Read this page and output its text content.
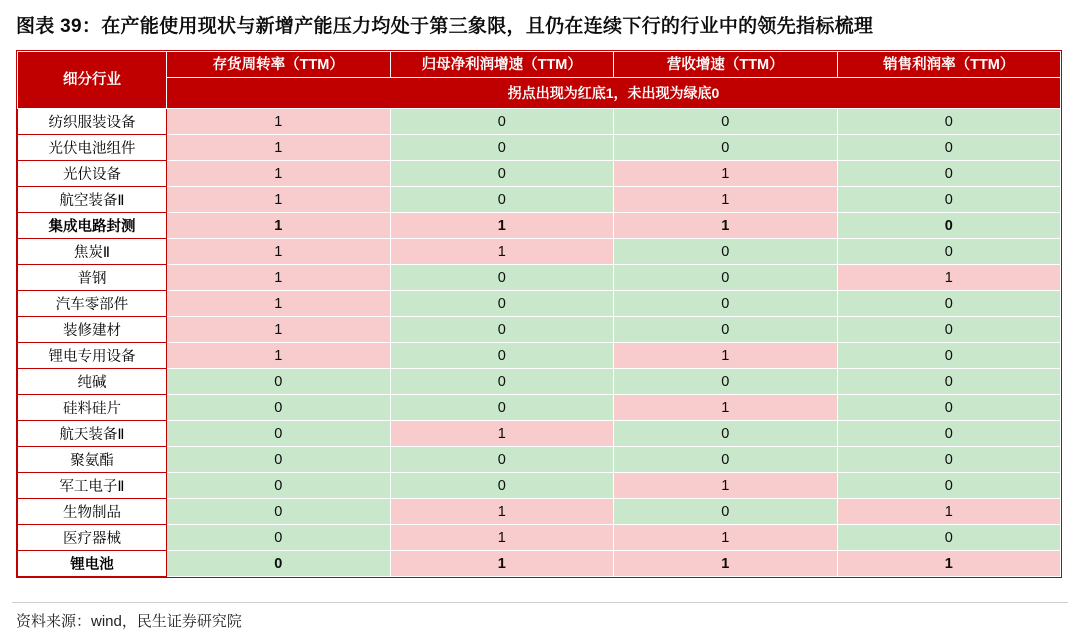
图表 39：在产能使用现状与新增产能压力均处于第三象限，且仍在连续下行的行业中的领先指标梳理
细分行业	存货周转率（TTM）	归母净利润增速（TTM）	营收增速（TTM）	销售利润率（TTM）
	拐点出现为红底1，未出现为绿底0			
纺织服装设备	1	0	0	0
光伏电池组件	1	0	0	0
光伏设备	1	0	1	0
航空装备Ⅱ	1	0	1	0
集成电路封测	1	1	1	0
焦炭Ⅱ	1	1	0	0
普钢	1	0	0	1
汽车零部件	1	0	0	0
装修建材	1	0	0	0
锂电专用设备	1	0	1	0
纯碱	0	0	0	0
硅料硅片	0	0	1	0
航天装备Ⅱ	0	1	0	0
聚氨酯	0	0	0	0
军工电子Ⅱ	0	0	1	0
生物制品	0	1	0	1
医疗器械	0	1	1	0
锂电池	0	1	1	1
资料来源：wind，民生证券研究院
